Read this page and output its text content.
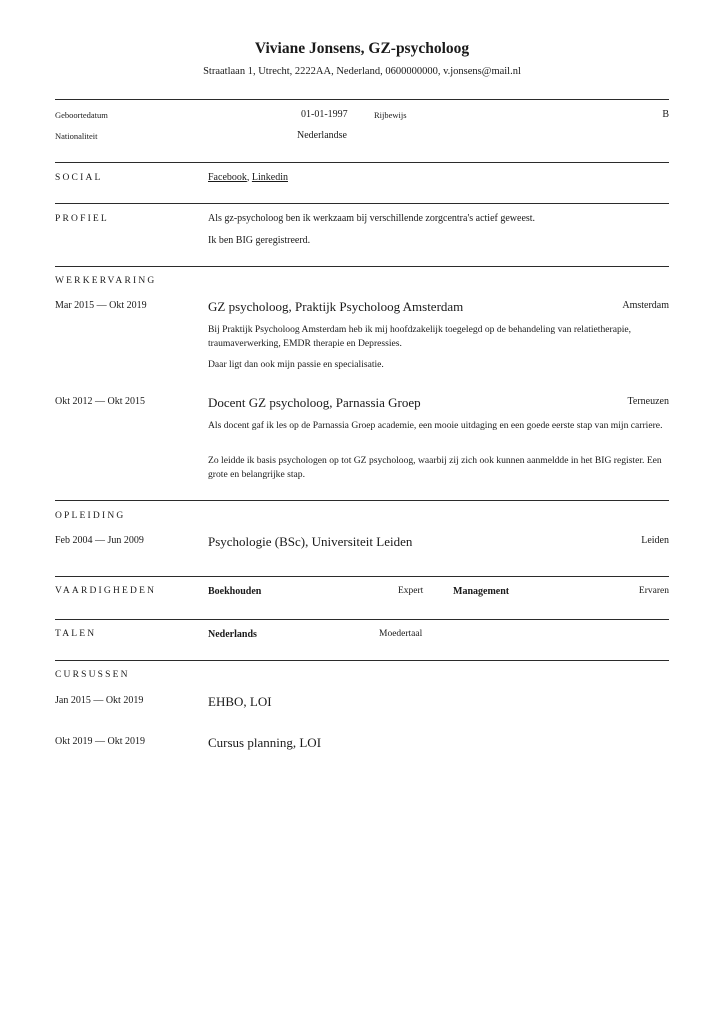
Viviane Jonsens, GZ-psycholoog
Straatlaan 1, Utrecht, 2222AA, Nederland, 0600000000, v.jonsens@mail.nl
Geboortedatum	01-01-1997	Rijbewijs	B
Nationaliteit	Nederlandse
SOCIAL	Facebook, Linkedin
PROFIEL	Als gz-psycholoog ben ik werkzaam bij verschillende zorgcentra's actief geweest.
Ik ben BIG geregistreerd.
WERKERVARING
Mar 2015 — Okt 2019	GZ psycholoog, Praktijk Psycholoog Amsterdam	Amsterdam
Bij Praktijk Psycholoog Amsterdam heb ik mij hoofdzakelijk toegelegd op de behandeling van relatietherapie, traumaverwerking, EMDR therapie en Depressies.
Daar ligt dan ook mijn passie en specialisatie.
Okt 2012 — Okt 2015	Docent GZ psycholoog, Parnassia Groep	Terneuzen
Als docent gaf ik les op de Parnassia Groep academie, een mooie uitdaging en een goede eerste stap van mijn carriere.
Zo leidde ik basis psychologen op tot GZ psycholoog, waarbij zij zich ook kunnen aanmeldde in het BIG register. Een grote en belangrijke stap.
OPLEIDING
Feb 2004 — Jun 2009	Psychologie (BSc), Universiteit Leiden	Leiden
VAARDIGHEDEN	Boekhouden	Expert	Management	Ervaren
TALEN	Nederlands	Moedertaal
CURSUSSEN
Jan 2015 — Okt 2019	EHBO, LOI
Okt 2019 — Okt 2019	Cursus planning, LOI
